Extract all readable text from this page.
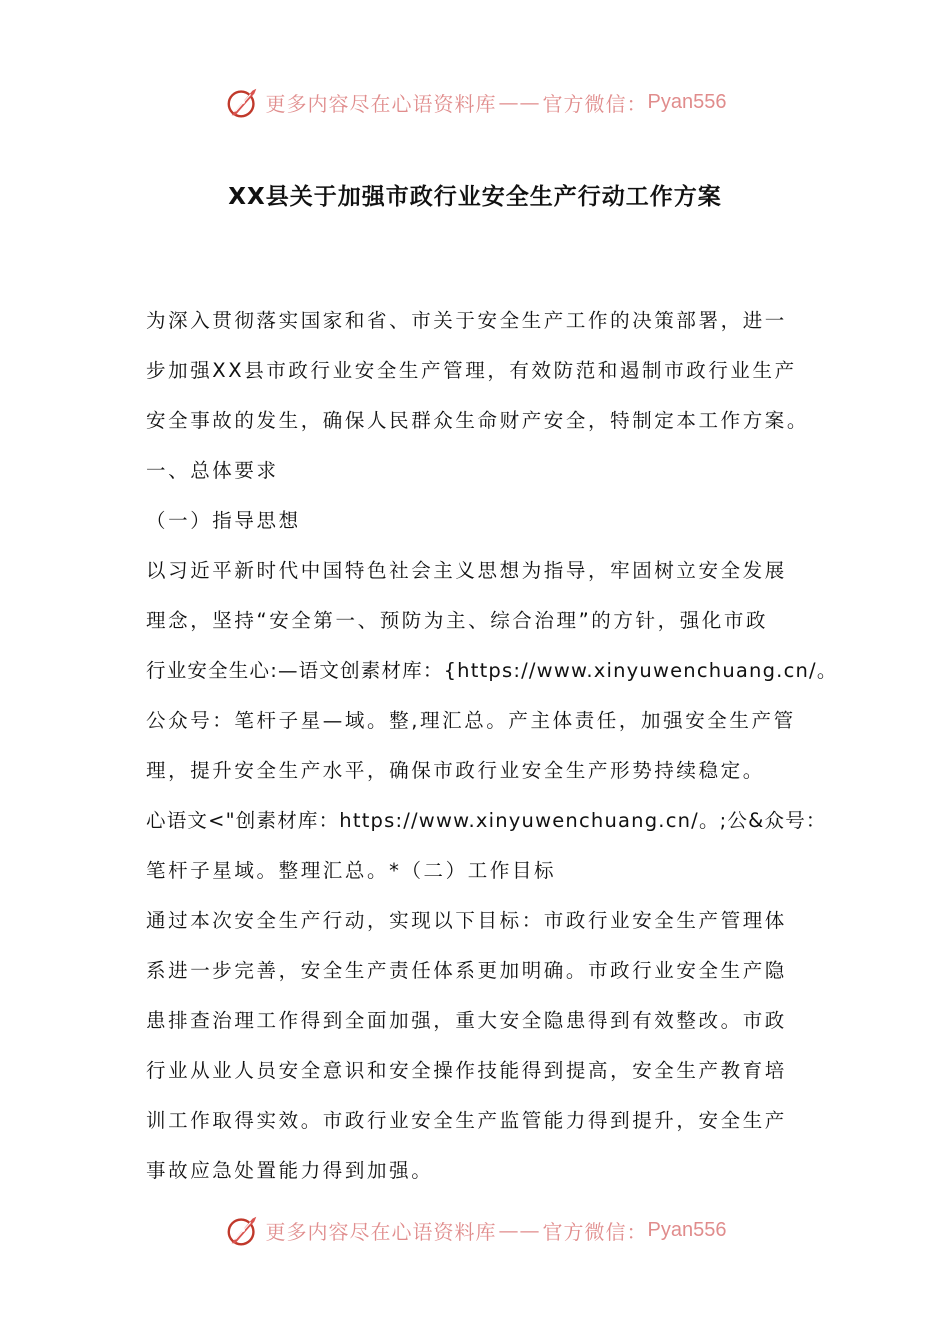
更多内容尽在心语资料库 —— 官方微信： Pyan556
XX县关于加强市政行业安全生产行动工作方案
为深入贯彻落实国家和省、市关于安全生产工作的决策部署，进一
步加强XX县市政行业安全生产管理，有效防范和遏制市政行业生产
安全事故的发生，确保人民群众生命财产安全，特制定本工作方案。
一、总体要求
（一）指导思想
以习近平新时代中国特色社会主义思想为指导，牢固树立安全发展
理念，坚持“安全第一、预防为主、综合治理”的方针，强化市政
行业安全生心:—语文创素材库：{https://www.xinyuwenchuang.cn/。
公众号：笔杆子星—域。整,理汇总。产主体责任，加强安全生产管
理，提升安全生产水平，确保市政行业安全生产形势持续稳定。
心语文<"创素材库：https://www.xinyuwenchuang.cn/。;公&众号：
笔杆子星域。整理汇总。*（二）工作目标
通过本次安全生产行动，实现以下目标：市政行业安全生产管理体
系进一步完善，安全生产责任体系更加明确。市政行业安全生产隐
患排查治理工作得到全面加强，重大安全隐患得到有效整改。市政
行业从业人员安全意识和安全操作技能得到提高，安全生产教育培
训工作取得实效。市政行业安全生产监管能力得到提升，安全生产
事故应急处置能力得到加强。
更多内容尽在心语资料库 —— 官方微信： Pyan556
